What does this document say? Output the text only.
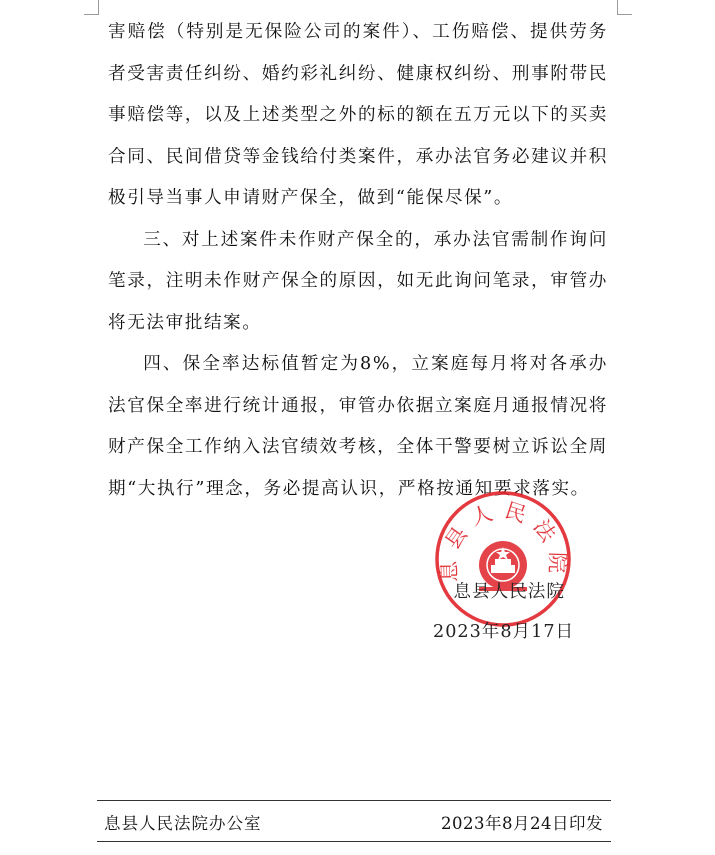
害赔偿（特别是无保险公司的案件）、工伤赔偿、提供劳务者受害责任纠纷、婚约彩礼纠纷、健康权纠纷、刑事附带民事赔偿等，以及上述类型之外的标的额在五万元以下的买卖合同、民间借贷等金钱给付类案件，承办法官务必建议并积极引导当事人申请财产保全，做到“能保尽保”。

三、对上述案件未作财产保全的，承办法官需制作询问笔录，注明未作财产保全的原因，如无此询问笔录，审管办将无法审批结案。

四、保全率达标值暂定为8%，立案庭每月将对各承办法官保全率进行统计通报，审管办依据立案庭月通报情况将财产保全工作纳入法官绩效考核，全体干警要树立诉讼全周期“大执行”理念，务必提高认识，严格按通知要求落实。

息县人民法院
息县人民法院
2023年8月17日
息县人民法院办公室	2023年8月24日印发
